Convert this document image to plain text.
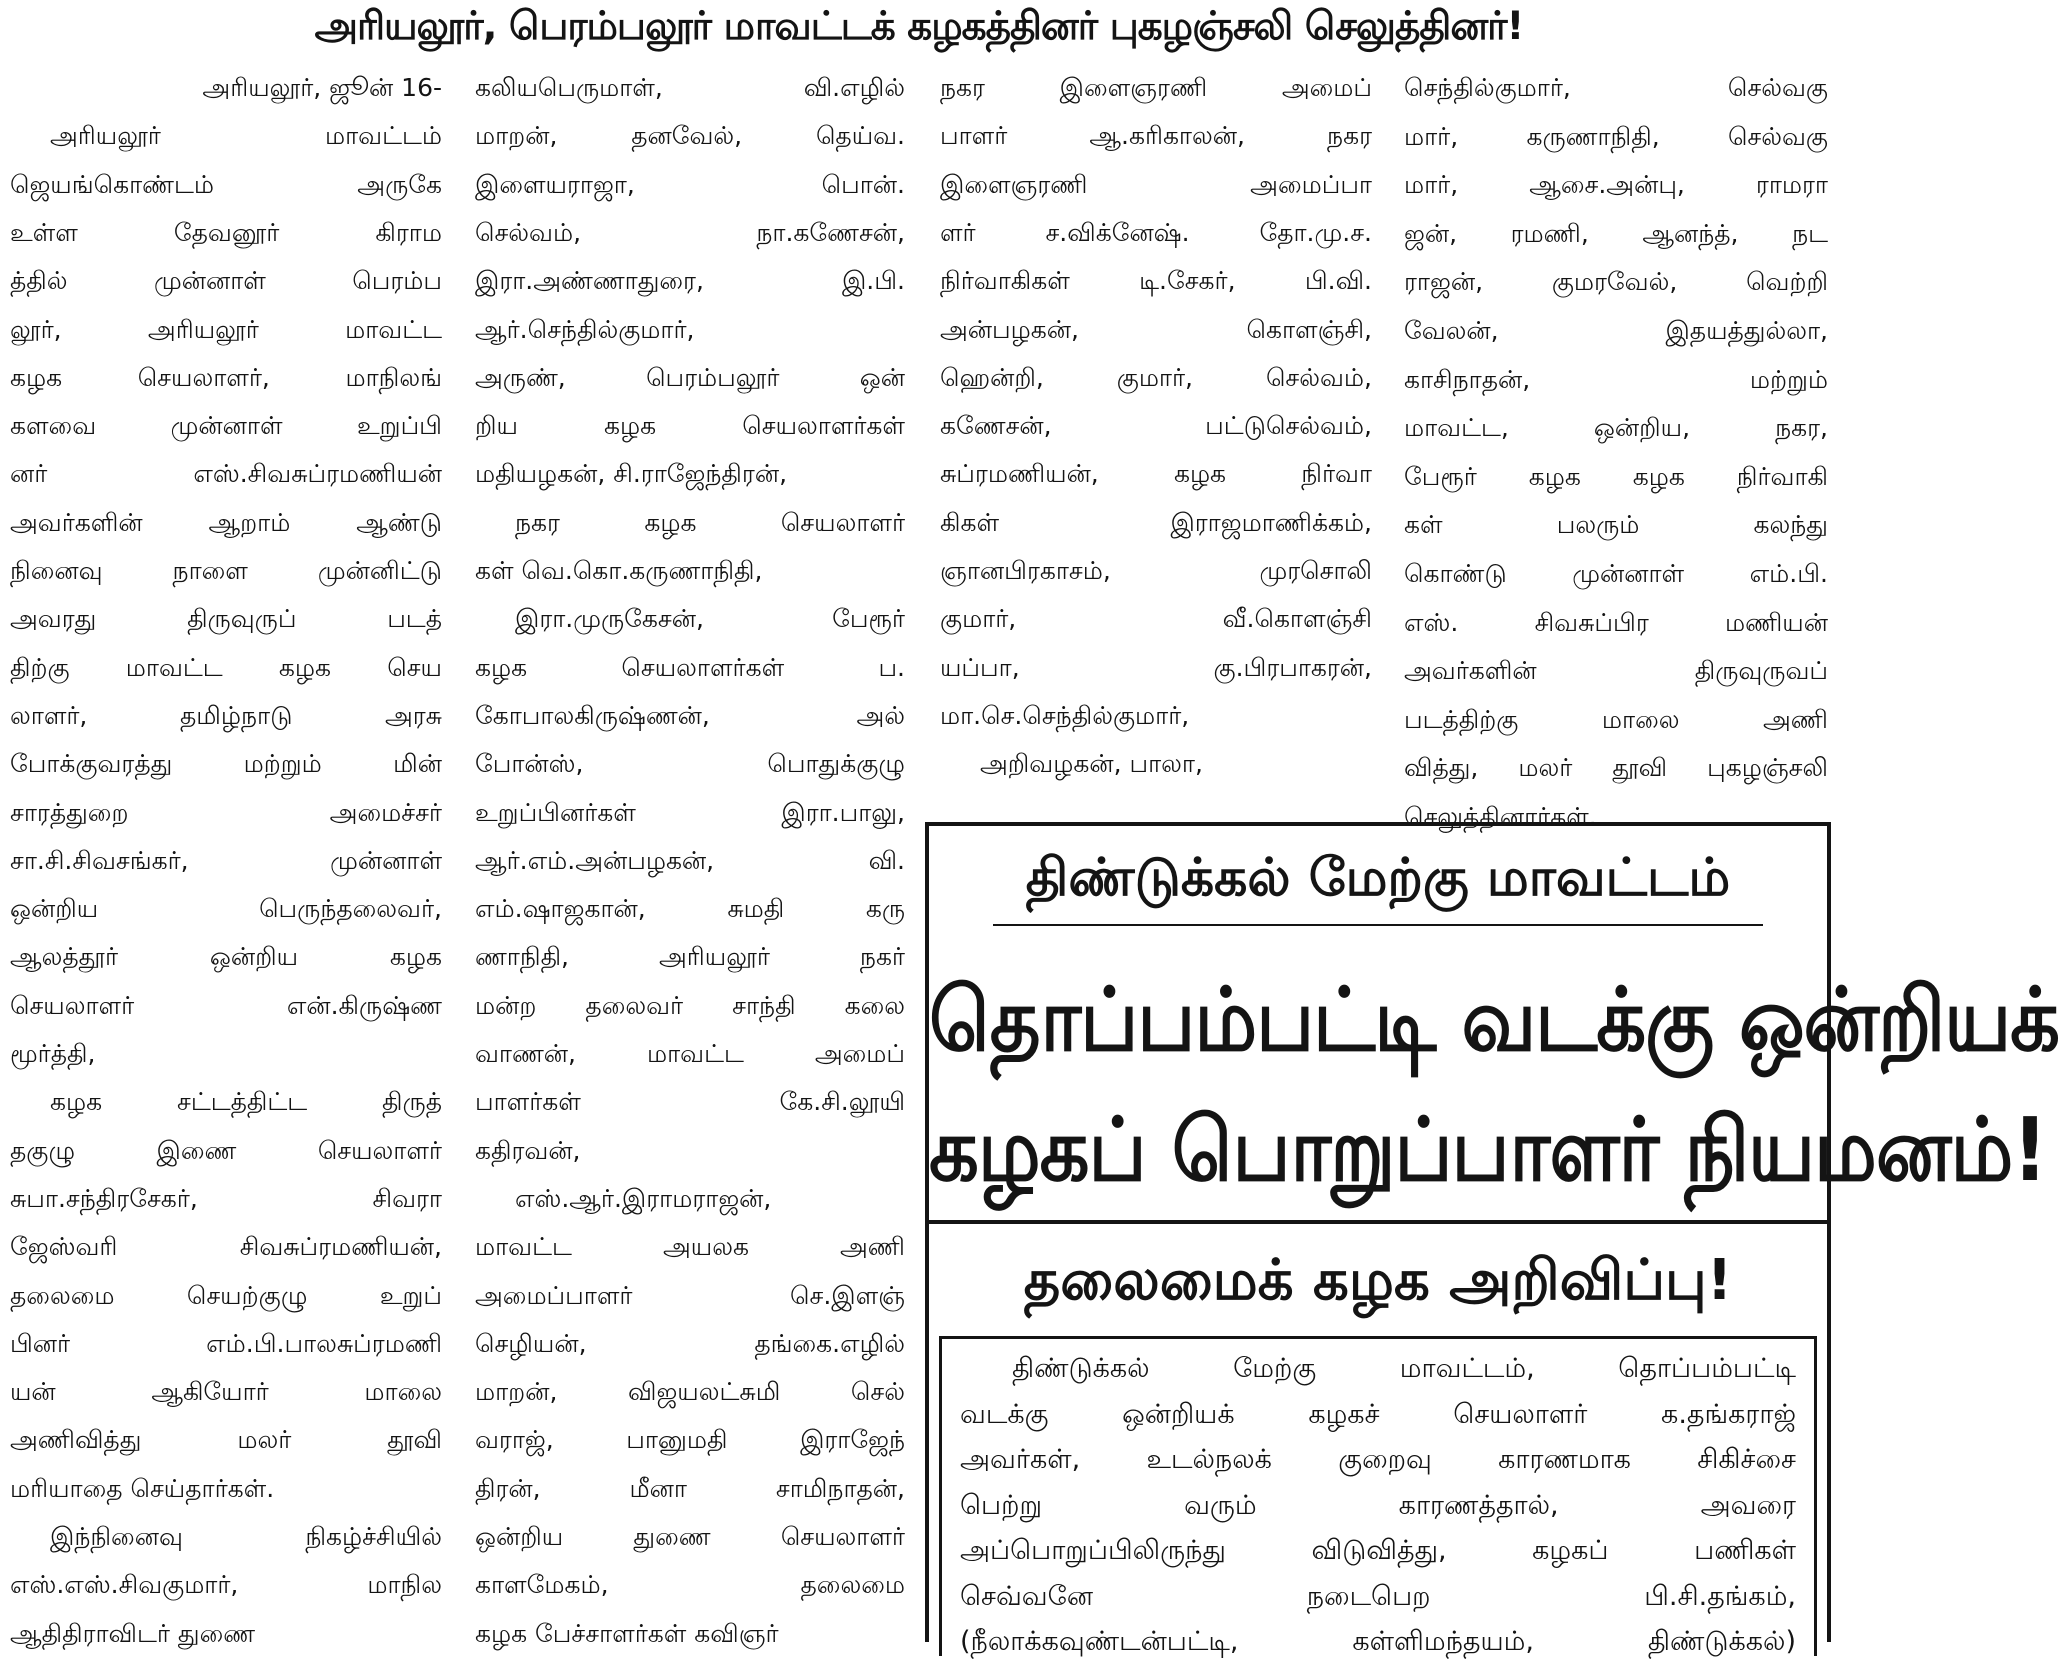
அரியலூர், பெரம்பலூர் மாவட்டக் கழகத்தினர் புகழஞ்சலி செலுத்தினர்!
அரியலூர், ஜூன் 16-
அரியலூர் மாவட்டம்
ஜெயங்கொண்டம் அருகே
உள்ள தேவனூர் கிராம
த்தில் முன்னாள் பெரம்ப
லூர், அரியலூர் மாவட்ட
கழக செயலாளர், மாநிலங்
களவை முன்னாள் உறுப்பி
னர் எஸ்.சிவசுப்ரமணியன்
அவர்களின் ஆறாம் ஆண்டு
நினைவு நாளை முன்னிட்டு
அவரது திருவுருப் படத்
திற்கு மாவட்ட கழக செய
லாளர், தமிழ்நாடு அரசு
போக்குவரத்து மற்றும் மின்
சாரத்துறை அமைச்சர்
சா.சி.சிவசங்கர், முன்னாள்
ஒன்றிய பெருந்தலைவர்,
ஆலத்தூர் ஒன்றிய கழக
செயலாளர் என்.கிருஷ்ண
மூர்த்தி,
கழக சட்டத்திட்ட திருத்
தகுழு இணை செயலாளர்
சுபா.சந்திரசேகர், சிவரா
ஜேஸ்வரி சிவசுப்ரமணியன்,
தலைமை செயற்குழு உறுப்
பினர் எம்.பி.பாலசுப்ரமணி
யன் ஆகியோர் மாலை
அணிவித்து மலர் தூவி
மரியாதை செய்தார்கள்.
இந்நினைவு நிகழ்ச்சியில்
எஸ்.எஸ்.சிவகுமார், மாநில
ஆதிதிராவிடர் துணை
கலியபெருமாள், வி.எழில்
மாறன், தனவேல், தெய்வ.
இளையராஜா, பொன்.
செல்வம், நா.கணேசன்,
இரா.அண்ணாதுரை, இ.பி.
ஆர்.செந்தில்குமார்,
அருண், பெரம்பலூர் ஒன்
றிய கழக செயலாளர்கள்
மதியழகன், சி.ராஜேந்திரன்,
நகர கழக செயலாளர்
கள் வெ.கொ.கருணாநிதி,
இரா.முருகேசன், பேரூர்
கழக செயலாளர்கள் ப.
கோபாலகிருஷ்ணன், அல்
போன்ஸ், பொதுக்குழு
உறுப்பினர்கள் இரா.பாலு,
ஆர்.எம்.அன்பழகன், வி.
எம்.ஷாஜகான், சுமதி கரு
ணாநிதி, அரியலூர் நகர்
மன்ற தலைவர் சாந்தி கலை
வாணன், மாவட்ட அமைப்
பாளர்கள் கே.சி.லூயி
கதிரவன்,
எஸ்.ஆர்.இராமராஜன்,
மாவட்ட அயலக அணி
அமைப்பாளர் செ.இளஞ்
செழியன், தங்கை.எழில்
மாறன், விஜயலட்சுமி செல்
வராஜ், பானுமதி இராஜேந்
திரன், மீனா சாமிநாதன்,
ஒன்றிய துணை செயலாளர்
காளமேகம், தலைமை
கழக பேச்சாளர்கள் கவிஞர்
நகர இளைஞரணி அமைப்
பாளர் ஆ.கரிகாலன், நகர
இளைஞரணி அமைப்பா
ளர் ச.விக்னேஷ். தோ.மு.ச.
நிர்வாகிகள் டி.சேகர், பி.வி.
அன்பழகன், கொளஞ்சி,
ஹென்றி, குமார், செல்வம்,
கணேசன், பட்டுசெல்வம்,
சுப்ரமணியன், கழக நிர்வா
கிகள் இராஜமாணிக்கம்,
ஞானபிரகாசம், முரசொலி
குமார், வீ.கொளஞ்சி
யப்பா, கு.பிரபாகரன்,
மா.செ.செந்தில்குமார்,
அறிவழகன், பாலா,
செந்தில்குமார், செல்வகு
மார், கருணாநிதி, செல்வகு
மார், ஆசை.அன்பு, ராமரா
ஜன், ரமணி, ஆனந்த், நட
ராஜன், குமரவேல், வெற்றி
வேலன், இதயத்துல்லா,
காசிநாதன், மற்றும்
மாவட்ட, ஒன்றிய, நகர,
பேரூர் கழக கழக நிர்வாகி
கள் பலரும் கலந்து
கொண்டு முன்னாள் எம்.பி.
எஸ். சிவசுப்பிர மணியன்
அவர்களின் திருவுருவப்
படத்திற்கு மாலை அணி
வித்து, மலர் தூவி புகழஞ்சலி
செலுத்தினார்கள்.
திண்டுக்கல் மேற்கு மாவட்டம்
தொப்பம்பட்டி வடக்கு ஒன்றியக்
கழகப் பொறுப்பாளர் நியமனம்!
தலைமைக் கழக அறிவிப்பு!
திண்டுக்கல் மேற்கு மாவட்டம், தொப்பம்பட்டி
வடக்கு ஒன்றியக் கழகச் செயலாளர் க.தங்கராஜ்
அவர்கள், உடல்நலக் குறைவு காரணமாக சிகிச்சை
பெற்று வரும் காரணத்தால், அவரை
அப்பொறுப்பிலிருந்து விடுவித்து, கழகப் பணிகள்
செவ்வனே நடைபெற பி.சி.தங்கம்,
(நீலாக்கவுண்டன்பட்டி, கள்ளிமந்தயம், திண்டுக்கல்)
